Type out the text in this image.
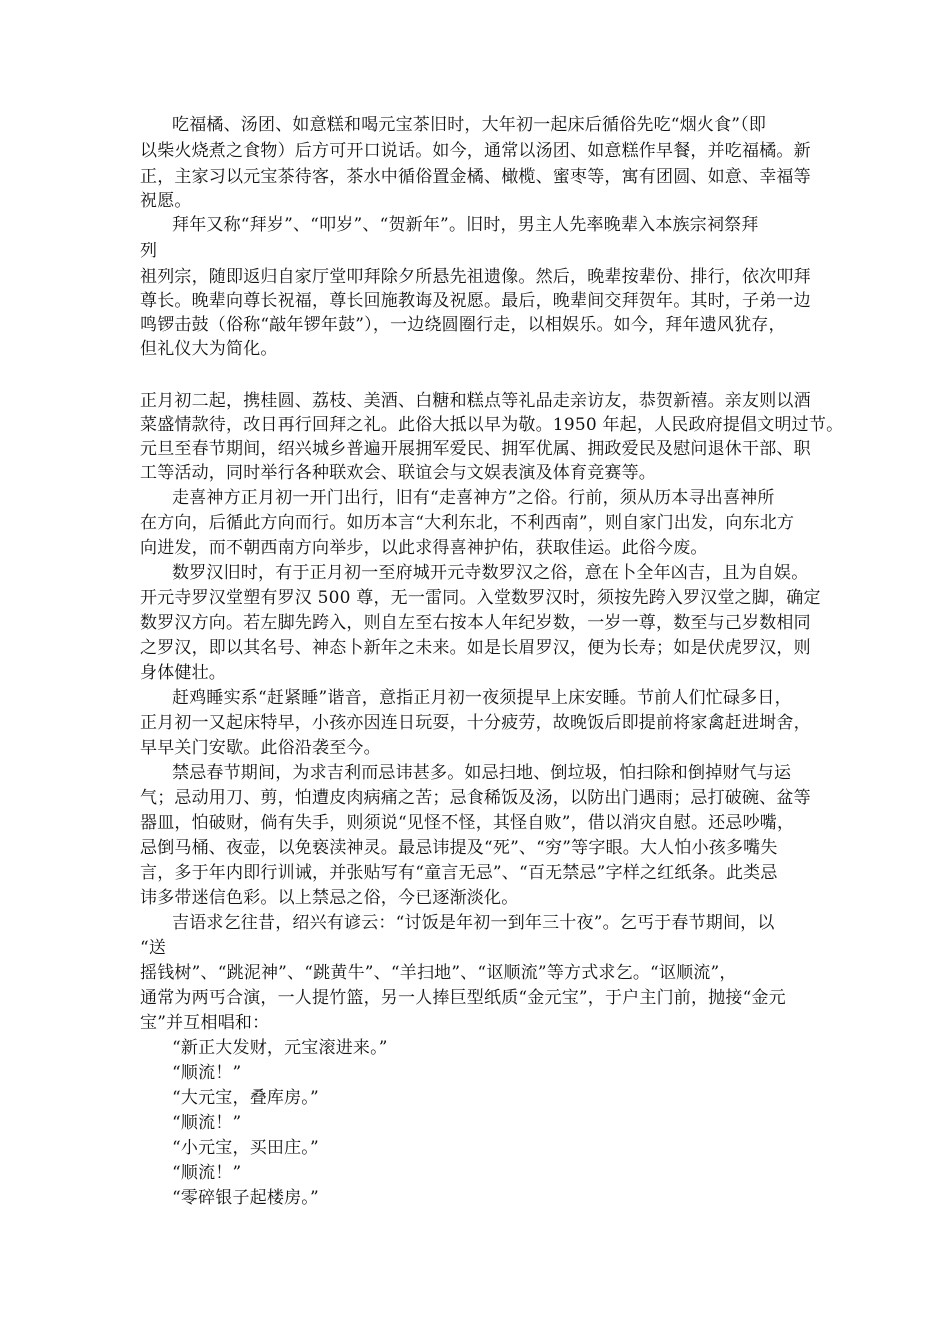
吃福橘、汤团、如意糕和喝元宝茶旧时，大年初一起床后循俗先吃“烟火食”（即
以柴火烧煮之食物）后方可开口说话。如今，通常以汤团、如意糕作早餐，并吃福橘。新
正，主家习以元宝茶待客，茶水中循俗置金橘、橄榄、蜜枣等，寓有团圆、如意、幸福等
祝愿。
拜年又称“拜岁”、“叩岁”、“贺新年”。旧时，男主人先率晚辈入本族宗祠祭拜
列
祖列宗，随即返归自家厅堂叩拜除夕所悬先祖遗像。然后，晚辈按辈份、排行，依次叩拜
尊长。晚辈向尊长祝福，尊长回施教诲及祝愿。最后，晚辈间交拜贺年。其时，子弟一边
鸣锣击鼓（俗称“敲年锣年鼓”），一边绕圆圈行走，以相娱乐。如今，拜年遗风犹存，
但礼仪大为简化。
正月初二起，携桂圆、荔枝、美酒、白糖和糕点等礼品走亲访友，恭贺新禧。亲友则以酒
菜盛情款待，改日再行回拜之礼。此俗大抵以早为敬。1950 年起，人民政府提倡文明过节。
元旦至春节期间，绍兴城乡普遍开展拥军爱民、拥军优属、拥政爱民及慰问退休干部、职
工等活动，同时举行各种联欢会、联谊会与文娱表演及体育竞赛等。
走喜神方正月初一开门出行，旧有“走喜神方”之俗。行前，须从历本寻出喜神所
在方向，后循此方向而行。如历本言“大利东北，不利西南”，则自家门出发，向东北方
向进发，而不朝西南方向举步，以此求得喜神护佑，获取佳运。此俗今废。
数罗汉旧时，有于正月初一至府城开元寺数罗汉之俗，意在卜全年凶吉，且为自娱。
开元寺罗汉堂塑有罗汉 500 尊，无一雷同。入堂数罗汉时，须按先跨入罗汉堂之脚，确定
数罗汉方向。若左脚先跨入，则自左至右按本人年纪岁数，一岁一尊，数至与己岁数相同
之罗汉，即以其名号、神态卜新年之未来。如是长眉罗汉，便为长寿；如是伏虎罗汉，则
身体健壮。
赶鸡睡实系“赶紧睡”谐音，意指正月初一夜须提早上床安睡。节前人们忙碌多日，
正月初一又起床特早，小孩亦因连日玩耍，十分疲劳，故晚饭后即提前将家禽赶进埘舍，
早早关门安歇。此俗沿袭至今。
禁忌春节期间，为求吉利而忌讳甚多。如忌扫地、倒垃圾，怕扫除和倒掉财气与运
气；忌动用刀、剪，怕遭皮肉病痛之苦；忌食稀饭及汤，以防出门遇雨；忌打破碗、盆等
器皿，怕破财，倘有失手，则须说“见怪不怪，其怪自败”，借以消灾自慰。还忌吵嘴，
忌倒马桶、夜壶，以免亵渎神灵。最忌讳提及“死”、“穷”等字眼。大人怕小孩多嘴失
言，多于年内即行训诫，并张贴写有“童言无忌”、“百无禁忌”字样之红纸条。此类忌
讳多带迷信色彩。以上禁忌之俗，今已逐渐淡化。
吉语求乞往昔，绍兴有谚云：“讨饭是年初一到年三十夜”。乞丐于春节期间，以
“送
摇钱树”、“跳泥神”、“跳黄牛”、“羊扫地”、“讴顺流”等方式求乞。“讴顺流”，
通常为两丐合演，一人提竹篮，另一人捧巨型纸质“金元宝”，于户主门前，抛接“金元
宝”并互相唱和：
“新正大发财，元宝滚进来。”
“顺流！”
“大元宝，叠库房。”
“顺流！”
“小元宝，买田庄。”
“顺流！”
“零碎银子起楼房。”
